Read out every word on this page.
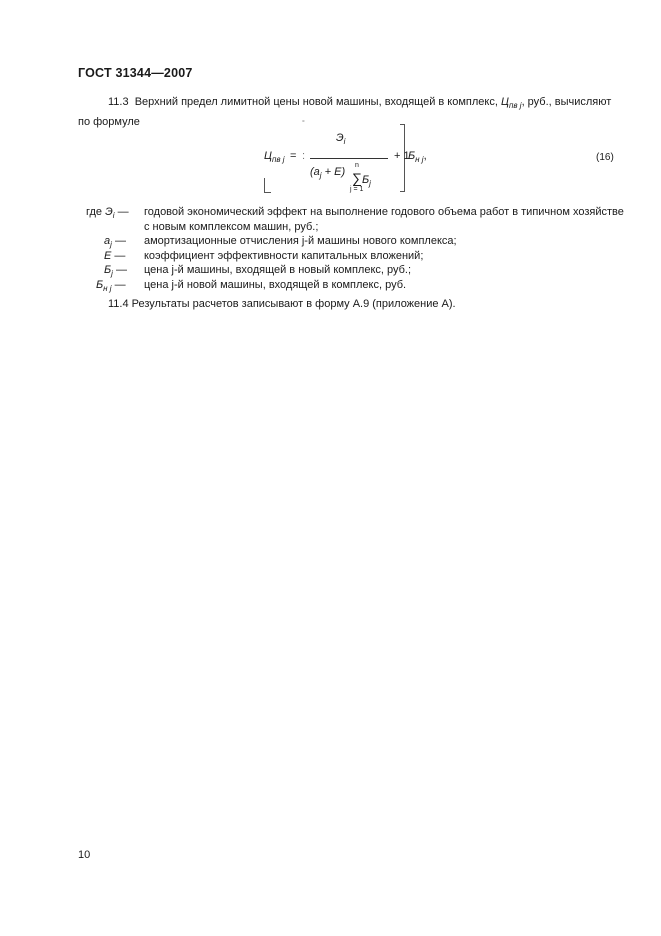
ГОСТ 31344—2007
11.3 Верхний предел лимитной цены новой машины, входящей в комплекс, $Ц_{пв j}$, руб., вычисляют
по формуле	°
$Ц_{пв j}$ = :
$Э_i$
$(a_j + E)$
n
$\sum Б_j$
j = 1
+ 1
$Б_{н j}$,	(16)
где $Э_i$ — годовой экономический эффект на выполнение годового объема работ в типичном хозяйстве
с новым комплексом машин, руб.;
$a_j$ — амортизационные отчисления j-й машины нового комплекса;
E — коэффициент эффективности капитальных вложений;
$Б_j$ — цена j-й машины, входящей в новый комплекс, руб.;
$Б_{н j}$ — цена j-й новой машины, входящей в комплекс, руб.
11.4 Результаты расчетов записывают в форму А.9 (приложение А).
10
